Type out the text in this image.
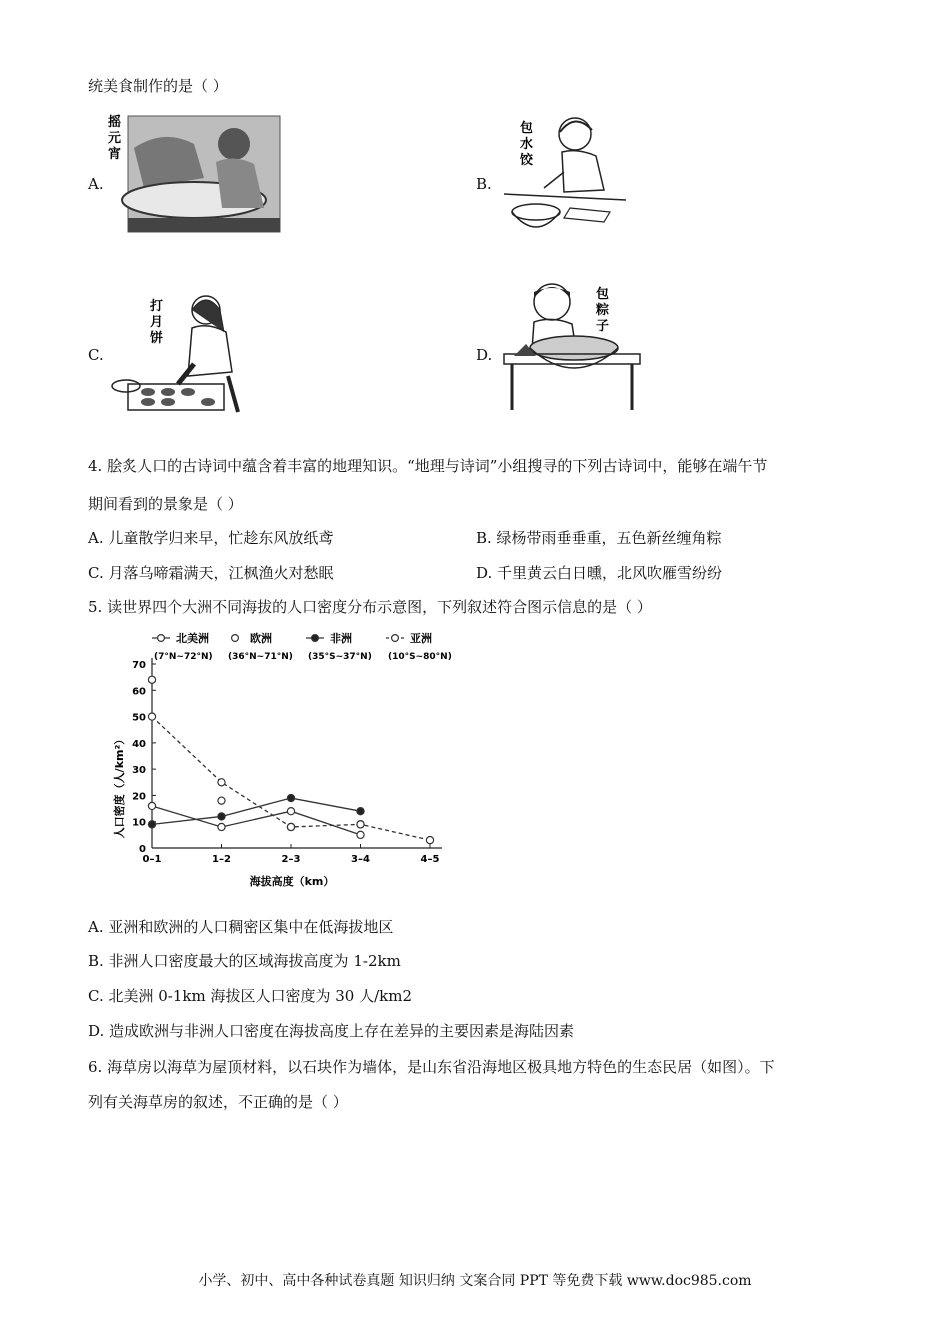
统美食制作的是（ ）
A.
摇
元
宵
B.
包
水
饺
C.
打
月
饼
D.
包
粽
子
4. 脍炙人口的古诗词中蕴含着丰富的地理知识。“地理与诗词”小组搜寻的下列古诗词中，能够在端午节
期间看到的景象是（ ）
A. 儿童散学归来早，忙趁东风放纸鸢	B. 绿杨带雨垂垂重，五色新丝缠角粽
C. 月落乌啼霜满天，江枫渔火对愁眠	D. 千里黄云白日曛，北风吹雁雪纷纷
5. 读世界四个大洲不同海拔的人口密度分布示意图，下列叙述符合图示信息的是（ ）
北美洲
(7°N~72°N)
欧洲
(36°N~71°N)
非洲
(35°S~37°N)
亚洲
(10°S~80°N)
0
10
20
30
40
50
60
70
0–1	1–2	2–3	3–4	4–5
人口密度（人/km²）
海拔高度（km）
A. 亚洲和欧洲的人口稠密区集中在低海拔地区
B. 非洲人口密度最大的区域海拔高度为 1-2km
C. 北美洲 0-1km 海拔区人口密度为 30 人/km2
D. 造成欧洲与非洲人口密度在海拔高度上存在差异的主要因素是海陆因素
6. 海草房以海草为屋顶材料，以石块作为墙体，是山东省沿海地区极具地方特色的生态民居（如图）。下
列有关海草房的叙述，不正确的是（ ）
小学、初中、高中各种试卷真题 知识归纳 文案合同 PPT 等免费下载 www.doc985.com
